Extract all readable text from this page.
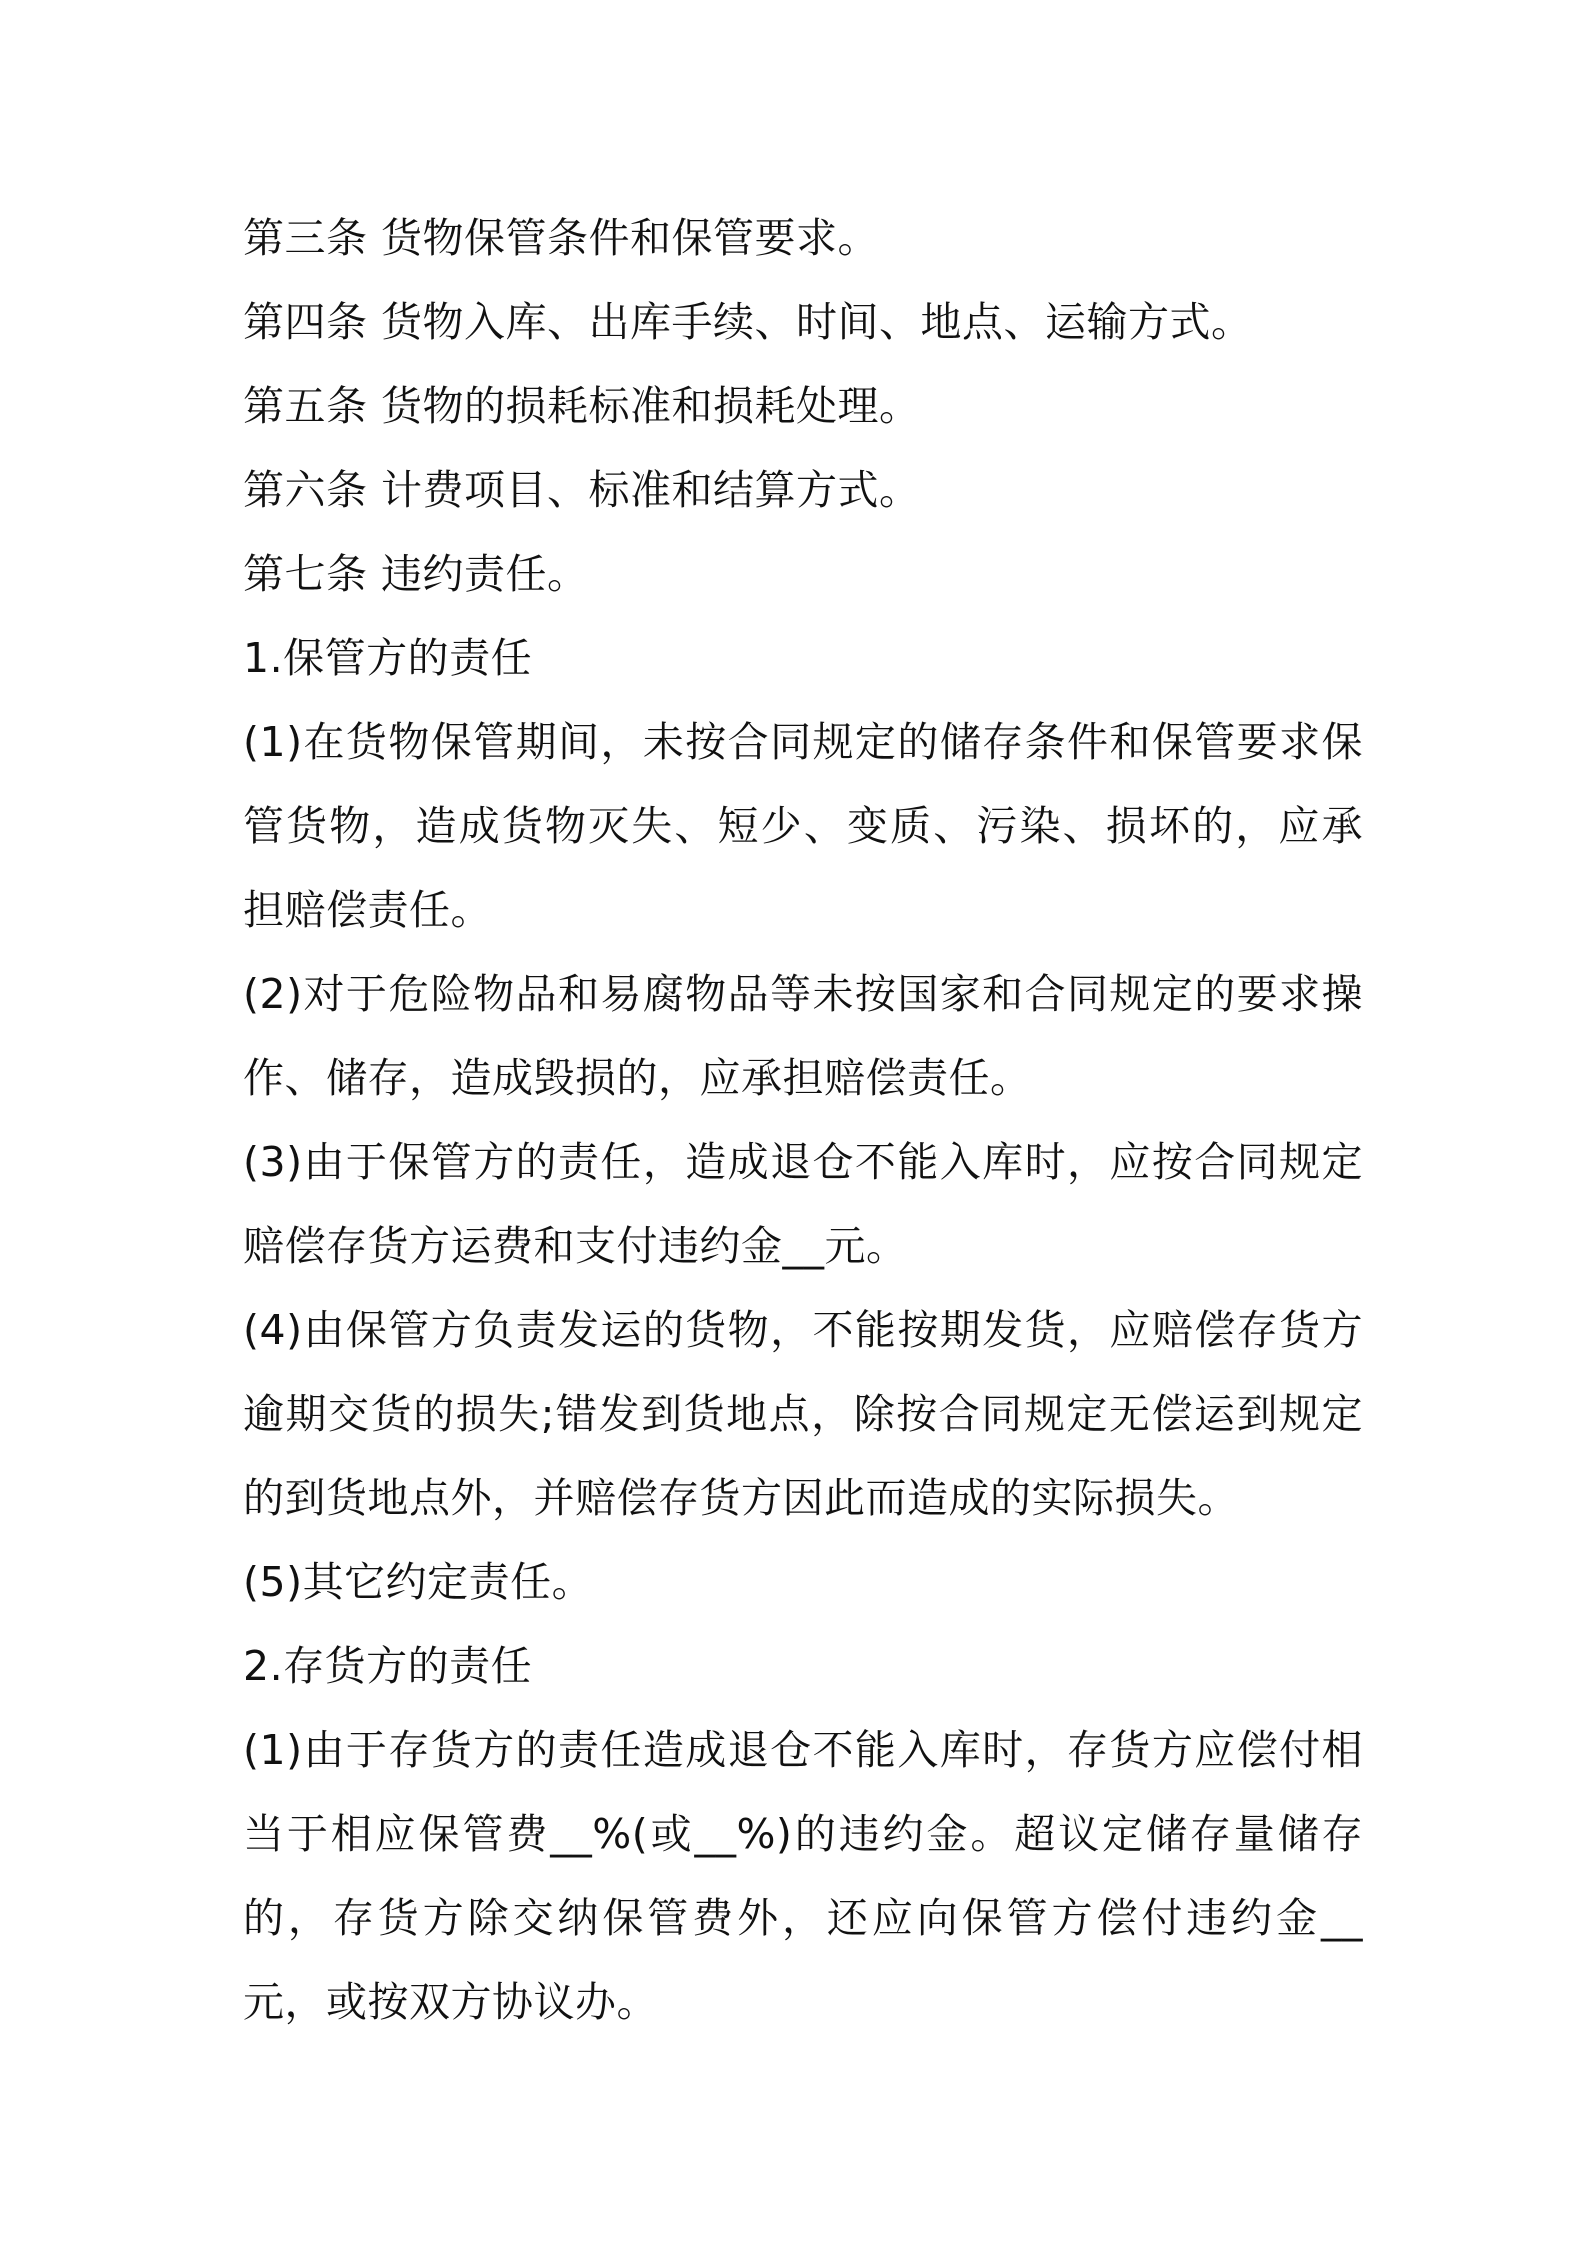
第三条 货物保管条件和保管要求。

第四条 货物入库、出库手续、时间、地点、运输方式。

第五条 货物的损耗标准和损耗处理。

第六条 计费项目、标准和结算方式。

第七条 违约责任。

1.保管方的责任

(1)在货物保管期间，未按合同规定的储存条件和保管要求保管货物，造成货物灭失、短少、变质、污染、损坏的，应承担赔偿责任。

(2)对于危险物品和易腐物品等未按国家和合同规定的要求操作、储存，造成毁损的，应承担赔偿责任。

(3)由于保管方的责任，造成退仓不能入库时，应按合同规定赔偿存货方运费和支付违约金__元。

(4)由保管方负责发运的货物，不能按期发货，应赔偿存货方逾期交货的损失;错发到货地点，除按合同规定无偿运到规定的到货地点外，并赔偿存货方因此而造成的实际损失。

(5)其它约定责任。

2.存货方的责任

(1)由于存货方的责任造成退仓不能入库时，存货方应偿付相当于相应保管费__%(或__%)的违约金。超议定储存量储存的，存货方除交纳保管费外，还应向保管方偿付违约金__元，或按双方协议办。
